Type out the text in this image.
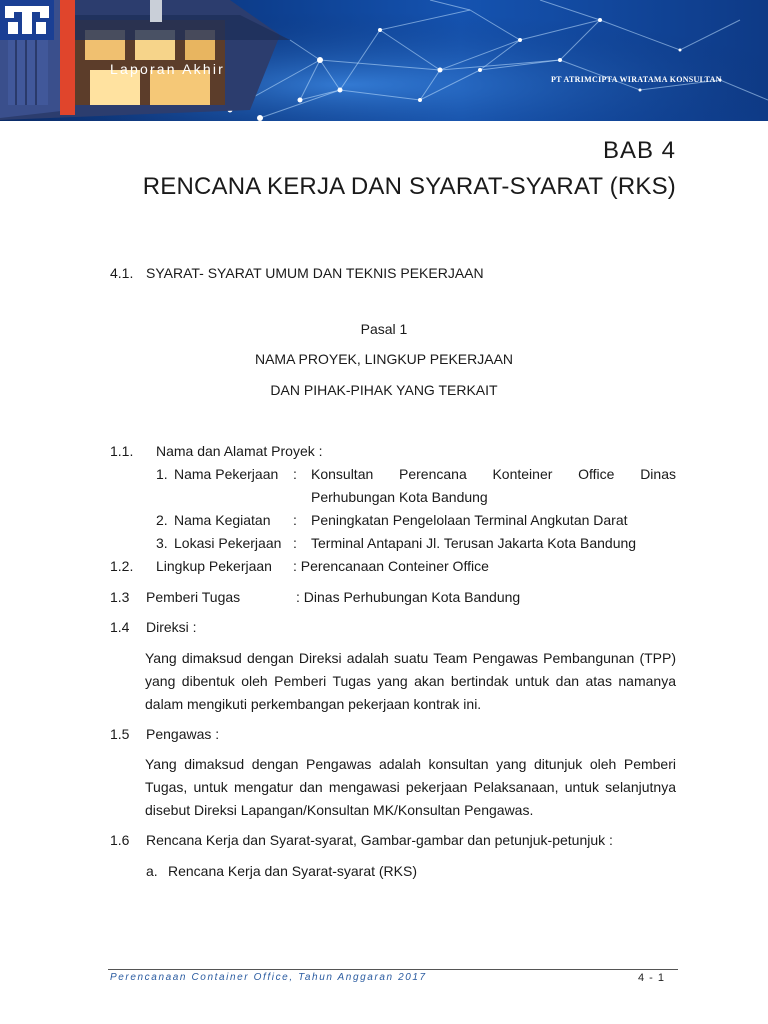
Laporan Akhir
PT ATRIMCIPTA WIRATAMA KONSULTAN
BAB 4
RENCANA KERJA DAN SYARAT-SYARAT (RKS)
4.1. SYARAT- SYARAT UMUM DAN TEKNIS PEKERJAAN
Pasal 1
NAMA PROYEK, LINGKUP PEKERJAAN
DAN PIHAK-PIHAK YANG TERKAIT
1.1. Nama dan Alamat Proyek :
1. Nama Pekerjaan : Konsultan Perencana Konteiner Office Dinas
Perhubungan Kota Bandung
2. Nama Kegiatan : Peningkatan Pengelolaan Terminal Angkutan Darat
3. Lokasi Pekerjaan : Terminal Antapani Jl. Terusan Jakarta Kota Bandung
1.2. Lingkup Pekerjaan : Perencanaan Conteiner Office
1.3 Pemberi Tugas	: Dinas Perhubungan Kota Bandung
1.4 Direksi :
Yang dimaksud dengan Direksi adalah suatu Team Pengawas Pembangunan (TPP) yang dibentuk oleh Pemberi Tugas yang akan bertindak untuk dan atas namanya dalam mengikuti perkembangan pekerjaan kontrak ini.
1.5 Pengawas :
Yang dimaksud dengan Pengawas adalah konsultan yang ditunjuk oleh Pemberi Tugas, untuk mengatur dan mengawasi pekerjaan Pelaksanaan, untuk selanjutnya disebut Direksi Lapangan/Konsultan MK/Konsultan Pengawas.
1.6 Rencana Kerja dan Syarat-syarat, Gambar-gambar dan petunjuk-petunjuk :
a. Rencana Kerja dan Syarat-syarat (RKS)
Perencanaan Container Office, Tahun Anggaran 2017	4 - 1
